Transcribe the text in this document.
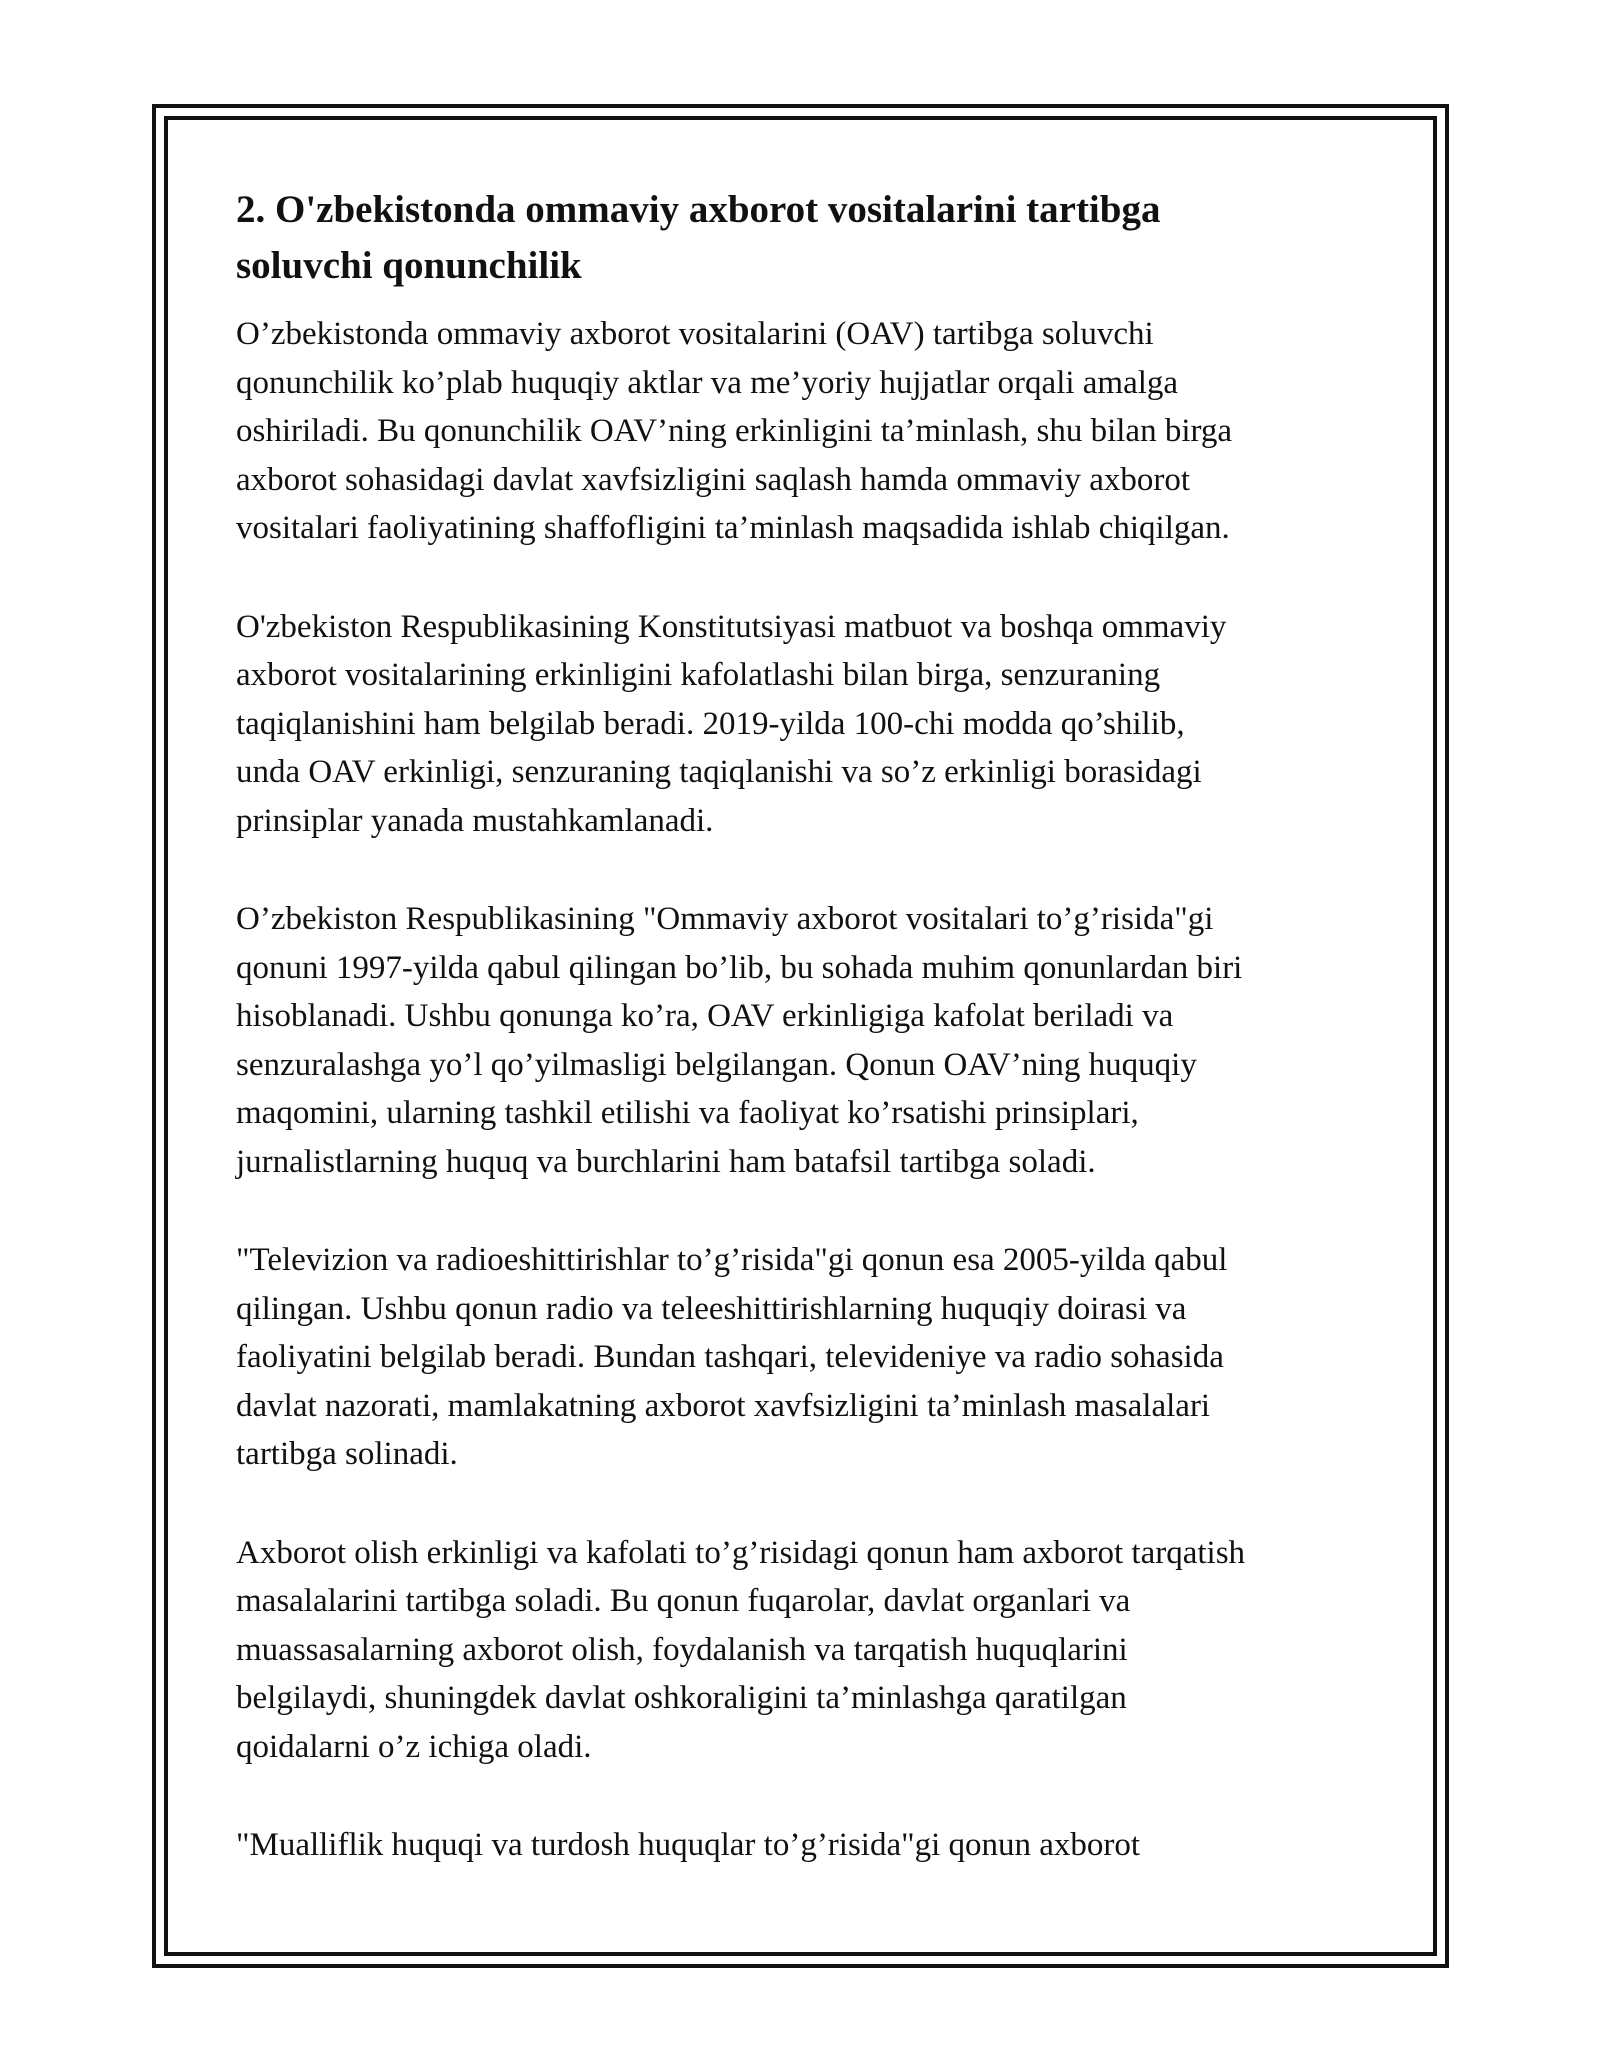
2. O'zbekistonda ommaviy axborot vositalarini tartibga
soluvchi qonunchilik

O’zbekistonda ommaviy axborot vositalarini (OAV) tartibga soluvchi
qonunchilik ko’plab huquqiy aktlar va me’yoriy hujjatlar orqali amalga
oshiriladi. Bu qonunchilik OAV’ning erkinligini ta’minlash, shu bilan birga
axborot sohasidagi davlat xavfsizligini saqlash hamda ommaviy axborot
vositalari faoliyatining shaffofligini ta’minlash maqsadida ishlab chiqilgan.

O'zbekiston Respublikasining Konstitutsiyasi matbuot va boshqa ommaviy
axborot vositalarining erkinligini kafolatlashi bilan birga, senzuraning
taqiqlanishini ham belgilab beradi. 2019-yilda 100-chi modda qo’shilib,
unda OAV erkinligi, senzuraning taqiqlanishi va so’z erkinligi borasidagi
prinsiplar yanada mustahkamlanadi.

O’zbekiston Respublikasining "Ommaviy axborot vositalari to’g’risida"gi
qonuni 1997-yilda qabul qilingan bo’lib, bu sohada muhim qonunlardan biri
hisoblanadi. Ushbu qonunga ko’ra, OAV erkinligiga kafolat beriladi va
senzuralashga yo’l qo’yilmasligi belgilangan. Qonun OAV’ning huquqiy
maqomini, ularning tashkil etilishi va faoliyat ko’rsatishi prinsiplari,
jurnalistlarning huquq va burchlarini ham batafsil tartibga soladi.

"Televizion va radioeshittirishlar to’g’risida"gi qonun esa 2005-yilda qabul
qilingan. Ushbu qonun radio va teleeshittirishlarning huquqiy doirasi va
faoliyatini belgilab beradi. Bundan tashqari, televideniye va radio sohasida
davlat nazorati, mamlakatning axborot xavfsizligini ta’minlash masalalari
tartibga solinadi.

Axborot olish erkinligi va kafolati to’g’risidagi qonun ham axborot tarqatish
masalalarini tartibga soladi. Bu qonun fuqarolar, davlat organlari va
muassasalarning axborot olish, foydalanish va tarqatish huquqlarini
belgilaydi, shuningdek davlat oshkoraligini ta’minlashga qaratilgan
qoidalarni o’z ichiga oladi.

"Mualliflik huquqi va turdosh huquqlar to’g’risida"gi qonun axborot
